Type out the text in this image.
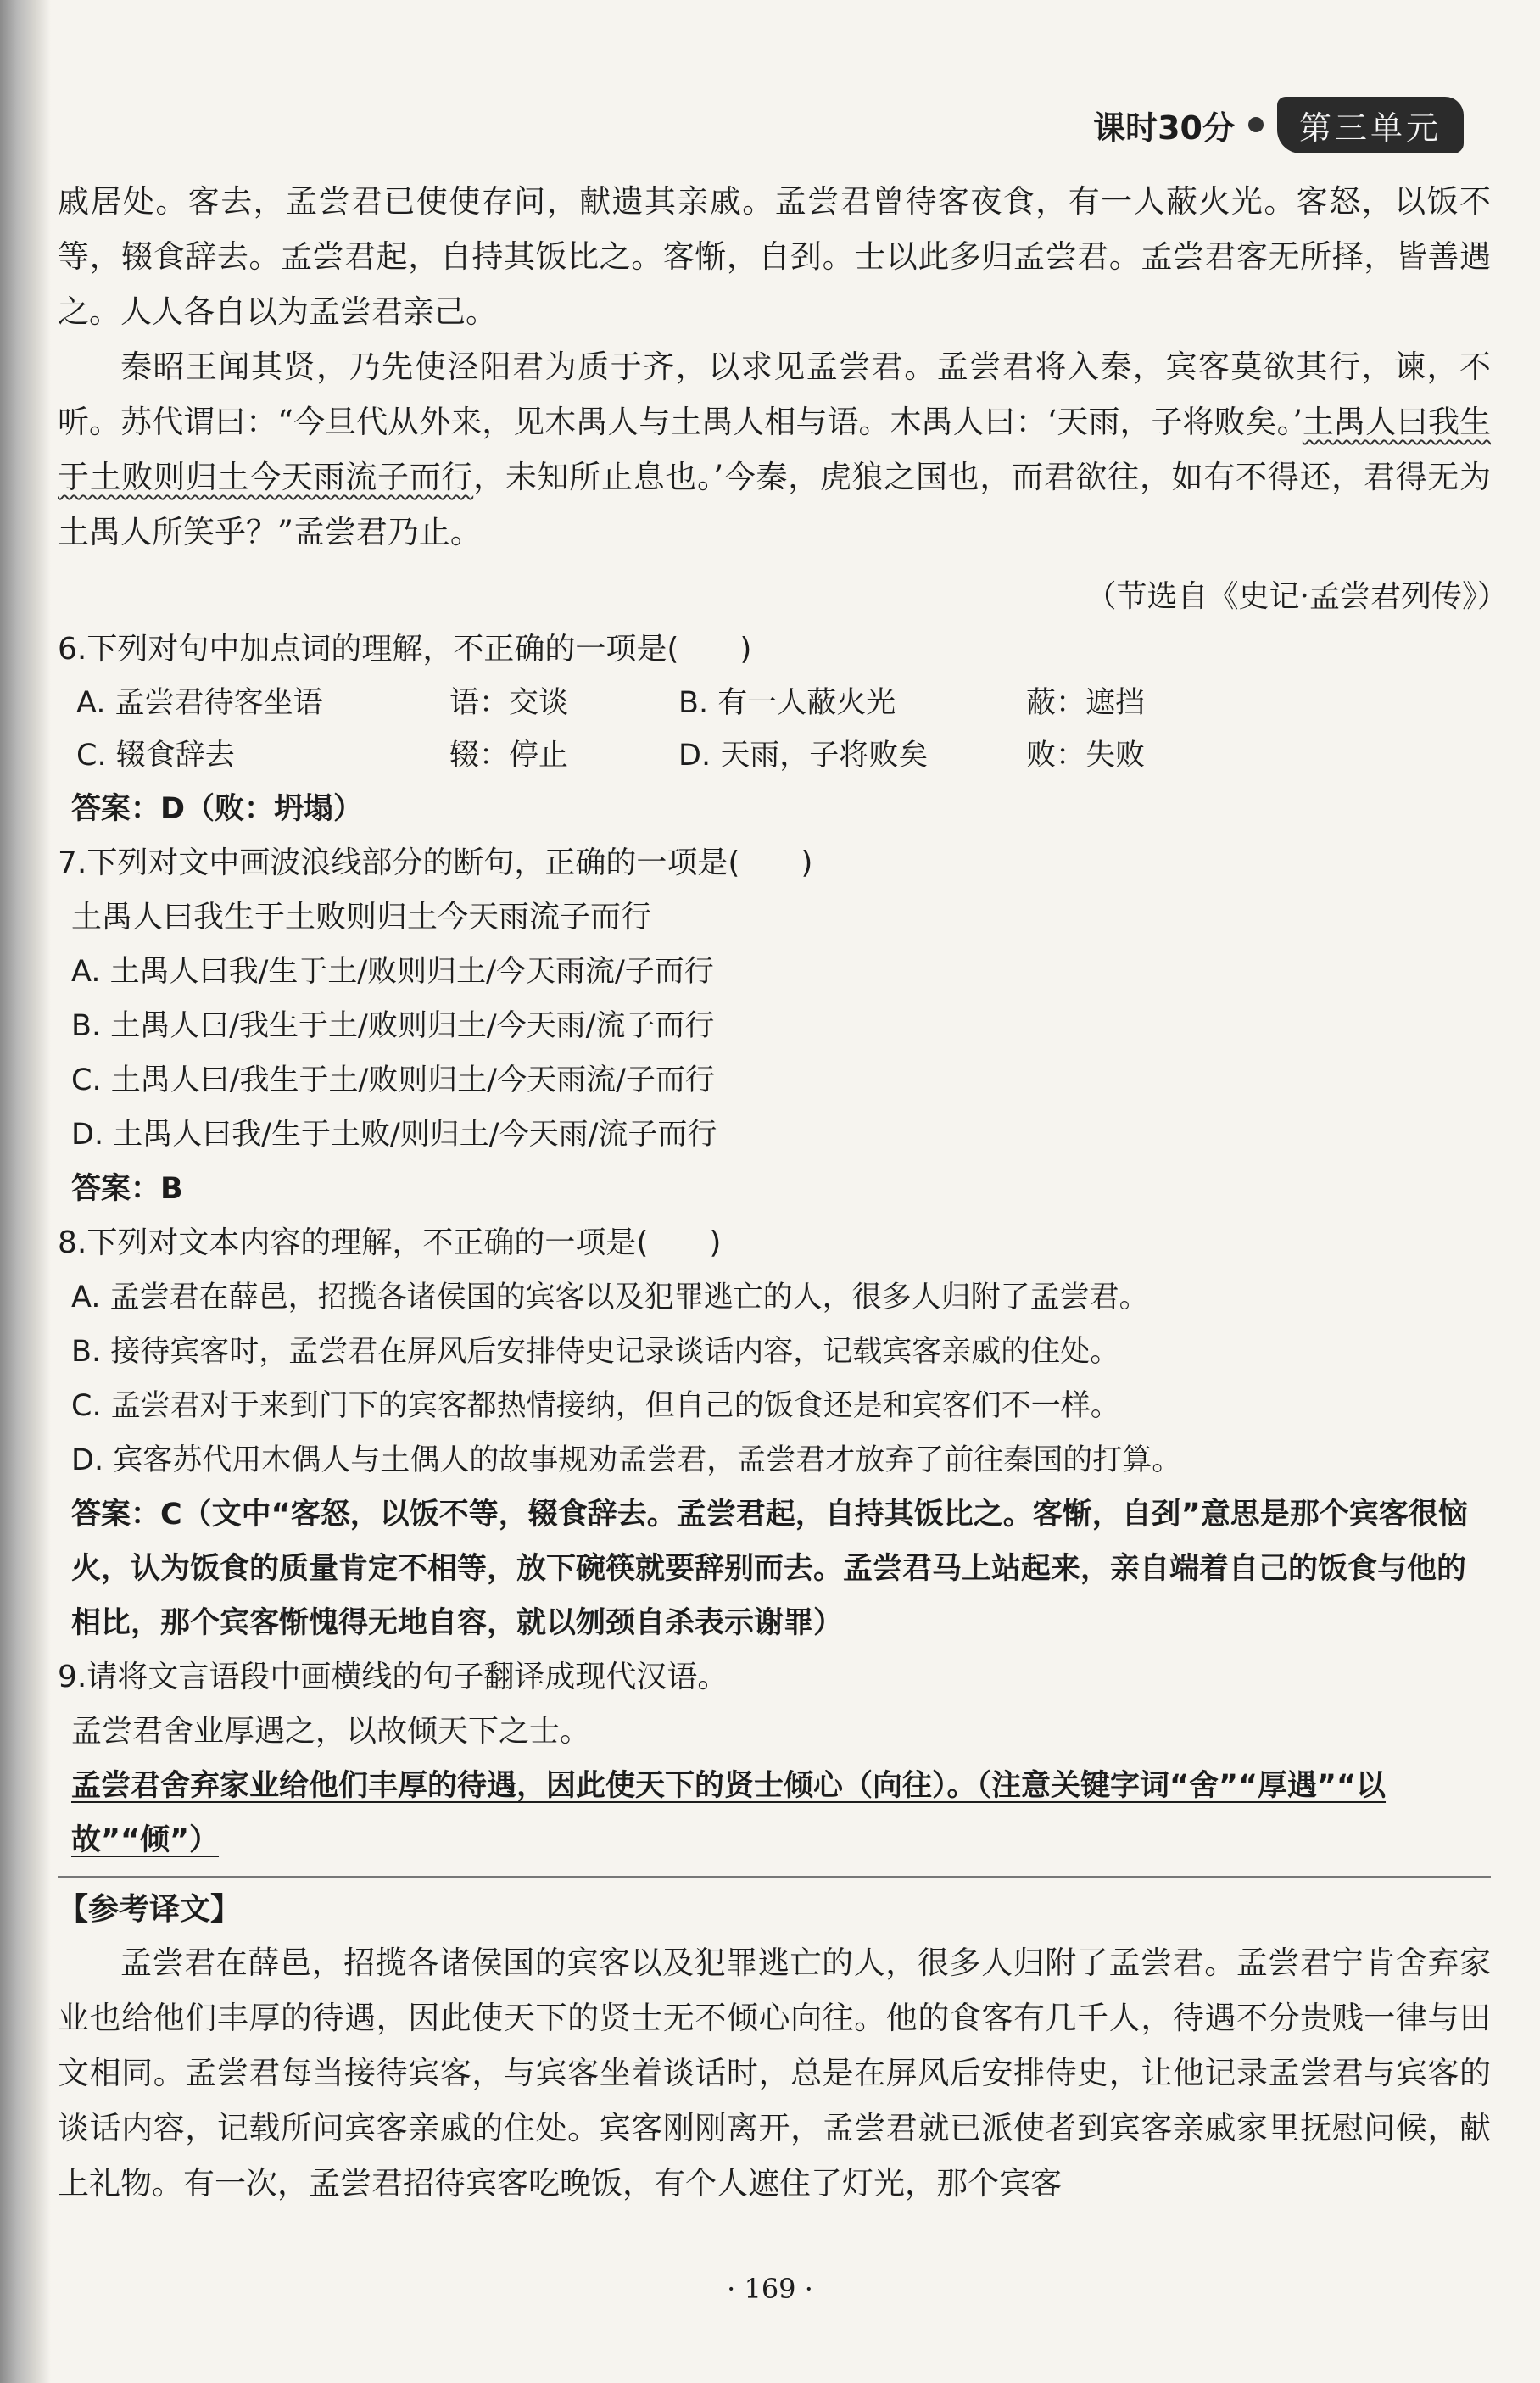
课时30分	第三单元
戚居处。客去，孟尝君已使使存问，献遗其亲戚。孟尝君曾待客夜食，有一人蔽火光。客怒，以饭不等，辍食辞去。孟尝君起，自持其饭比之。客惭，自刭。士以此多归孟尝君。孟尝君客无所择，皆善遇之。人人各自以为孟尝君亲己。
秦昭王闻其贤，乃先使泾阳君为质于齐，以求见孟尝君。孟尝君将入秦，宾客莫欲其行，谏，不听。苏代谓曰：“今旦代从外来，见木禺人与土禺人相与语。木禺人曰：‘天雨，子将败矣。’土禺人曰我生于土败则归土今天雨流子而行，未知所止息也。’今秦，虎狼之国也，而君欲往，如有不得还，君得无为土禺人所笑乎？”孟尝君乃止。
（节选自《史记·孟尝君列传》）
6.下列对句中加点词的理解，不正确的一项是(　　)
A. 孟尝君待客坐语	语：交谈	B. 有一人蔽火光	蔽：遮挡
C. 辍食辞去	辍：停止	D. 天雨，子将败矣	败：失败
答案：D（败：坍塌）
7.下列对文中画波浪线部分的断句，正确的一项是(　　)
土禺人曰我生于土败则归土今天雨流子而行
A. 土禺人曰我/生于土/败则归土/今天雨流/子而行
B. 土禺人曰/我生于土/败则归土/今天雨/流子而行
C. 土禺人曰/我生于土/败则归土/今天雨流/子而行
D. 土禺人曰我/生于土败/则归土/今天雨/流子而行
答案：B
8.下列对文本内容的理解，不正确的一项是(　　)
A. 孟尝君在薛邑，招揽各诸侯国的宾客以及犯罪逃亡的人，很多人归附了孟尝君。
B. 接待宾客时，孟尝君在屏风后安排侍史记录谈话内容，记载宾客亲戚的住处。
C. 孟尝君对于来到门下的宾客都热情接纳，但自己的饭食还是和宾客们不一样。
D. 宾客苏代用木偶人与土偶人的故事规劝孟尝君，孟尝君才放弃了前往秦国的打算。
答案：C（文中“客怒，以饭不等，辍食辞去。孟尝君起，自持其饭比之。客惭，自刭”意思是那个宾客很恼火，认为饭食的质量肯定不相等，放下碗筷就要辞别而去。孟尝君马上站起来，亲自端着自己的饭食与他的相比，那个宾客惭愧得无地自容，就以刎颈自杀表示谢罪）
9.请将文言语段中画横线的句子翻译成现代汉语。
孟尝君舍业厚遇之，以故倾天下之士。
孟尝君舍弃家业给他们丰厚的待遇，因此使天下的贤士倾心（向往）。（注意关键字词“舍”“厚遇”“以故”“倾”）
【参考译文】
孟尝君在薛邑，招揽各诸侯国的宾客以及犯罪逃亡的人，很多人归附了孟尝君。孟尝君宁肯舍弃家业也给他们丰厚的待遇，因此使天下的贤士无不倾心向往。他的食客有几千人，待遇不分贵贱一律与田文相同。孟尝君每当接待宾客，与宾客坐着谈话时，总是在屏风后安排侍史，让他记录孟尝君与宾客的谈话内容，记载所问宾客亲戚的住处。宾客刚刚离开，孟尝君就已派使者到宾客亲戚家里抚慰问候，献上礼物。有一次，孟尝君招待宾客吃晚饭，有个人遮住了灯光，那个宾客
· 169 ·
